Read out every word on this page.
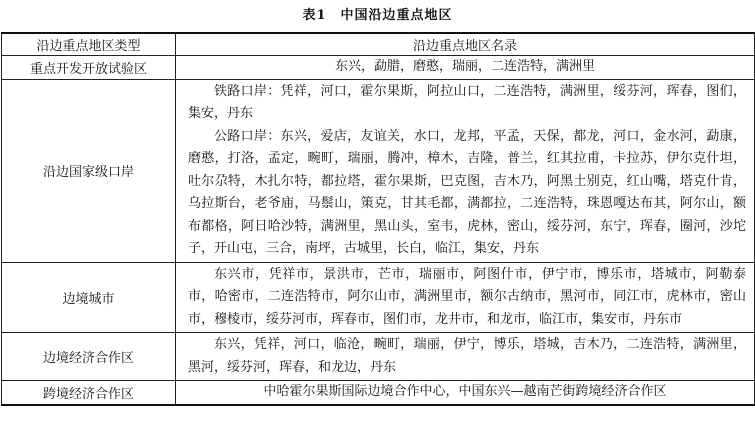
表1　中国沿边重点地区
沿边重点地区类型	沿边重点地区名录
重点开发开放试验区	东兴，勐腊，磨憨，瑞丽，二连浩特，满洲里
沿边国家级口岸	铁路口岸：凭祥，河口，霍尔果斯，阿拉山口，二连浩特，满洲里，绥芬河，珲春，图们，集安，丹东

公路口岸：东兴，爱店，友谊关，水口，龙邦，平孟，天保，都龙，河口，金水河，勐康，磨憨，打洛，孟定，畹町，瑞丽，腾冲，樟木，吉隆，普兰，红其拉甫，卡拉苏，伊尔克什坦，吐尔尕特，木扎尔特，都拉塔，霍尔果斯，巴克图，吉木乃，阿黑土别克，红山嘴，塔克什肯，乌拉斯台，老爷庙，马鬃山，策克，甘其毛都，满都拉，二连浩特，珠恩嘎达布其，阿尔山，额布都格，阿日哈沙特，满洲里，黑山头，室韦，虎林，密山，绥芬河，东宁，珲春，圈河，沙坨子，开山屯，三合，南坪，古城里，长白，临江，集安，丹东

边境城市	东兴市，凭祥市，景洪市，芒市，瑞丽市，阿图什市，伊宁市，博乐市，塔城市，阿勒泰市，哈密市，二连浩特市，阿尔山市，满洲里市，额尔古纳市，黑河市，同江市，虎林市，密山市，穆棱市，绥芬河市，珲春市，图们市，龙井市，和龙市，临江市，集安市，丹东市

边境经济合作区	东兴，凭祥，河口，临沧，畹町，瑞丽，伊宁，博乐，塔城，吉木乃，二连浩特，满洲里，黑河，绥芬河，珲春，和龙边，丹东

跨境经济合作区	中哈霍尔果斯国际边境合作中心，中国东兴—越南芒街跨境经济合作区
